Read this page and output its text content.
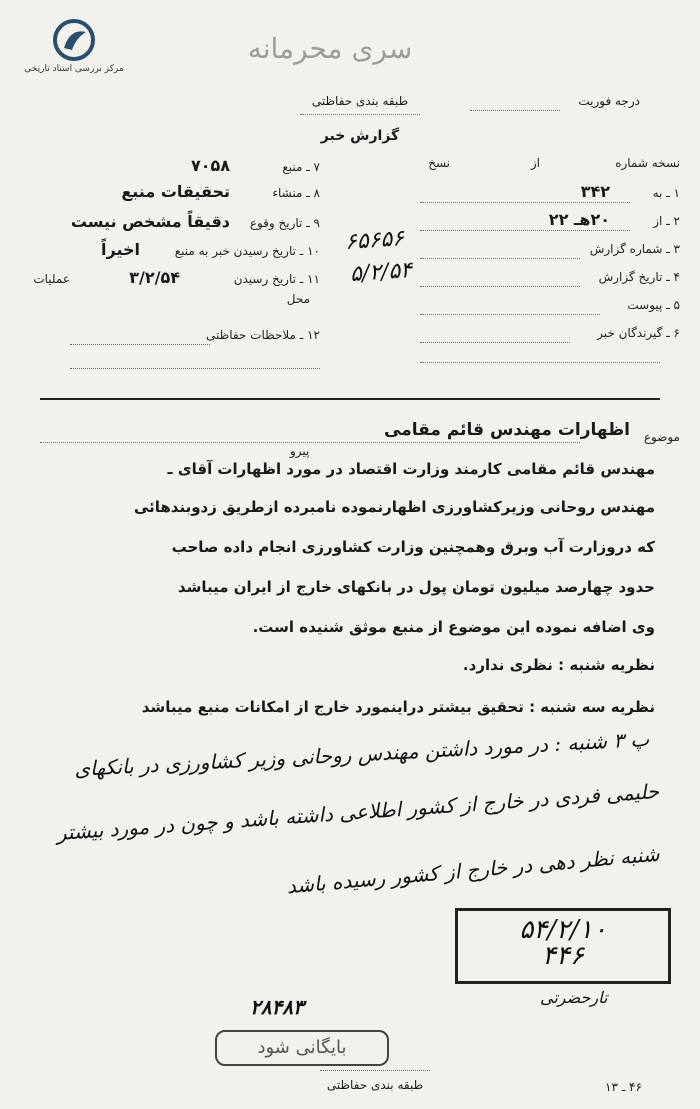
مرکز بررسی اسناد تاریخی
سری محرمانه
طبقه بندی حفاظتی	درجه فوریت
گزارش خبر
نسخه شماره
از
نسخ
۱ ـ به
۳۴۲
۲ ـ از
۲۰هـ ۲۲
۳ ـ شماره گزارش
۴ ـ تاریخ گزارش
۵ ـ پیوست
۶ ـ گیرندگان خبر
۷ ـ منبع
۷۰۵۸
۸ ـ منشاء
تحقیقات منبع
۹ ـ تاریخ وقوع
دقیقاً مشخص نیست
۱۰ ـ تاریخ رسیدن خبر به منبع
اخیراً
۱۱ ـ تاریخ رسیدن
۳/۲/۵۴
عملیات
محل
۱۲ ـ ملاحظات حفاظتی
۶۵۶۵۶
۵/۲/۵۴
موضوع
اظهارات مهندس قائم مقامی
پیرو
مهندس قائم مقامی کارمند وزارت اقتصاد در مورد اظهارات آقای ـ
مهندس روحانی وزیرکشاورزی اظهارنموده نامبرده ازطریق زدوبندهائی
که دروزارت آب وبرق وهمچنین وزارت کشاورزی انجام داده صاحب
حدود چهارصد میلیون تومان پول در بانکهای خارج از ایران میباشد
وی اضافه نموده این موضوع از منبع موثق شنیده است.
نظریه شنبه : نظری ندارد.
نظریه سه شنبه : تحقیق بیشتر دراینمورد خارج از امکانات منبع میباشد
پ ۳ شنبه : در مورد داشتن مهندس روحانی وزیر کشاورزی در بانکهای
حلیمی فردی در خارج از کشور اطلاعی داشته باشد و چون در مورد بیشتر
شنبه نظر دهی در خارج از کشور رسیده باشد
۵۴/۲/۱۰
۴۴۶
تارحضرتی
۲۸۴۸۳
بایگانی شود
طبقه بندی حفاظتی	۴۶ ـ ۱۳
